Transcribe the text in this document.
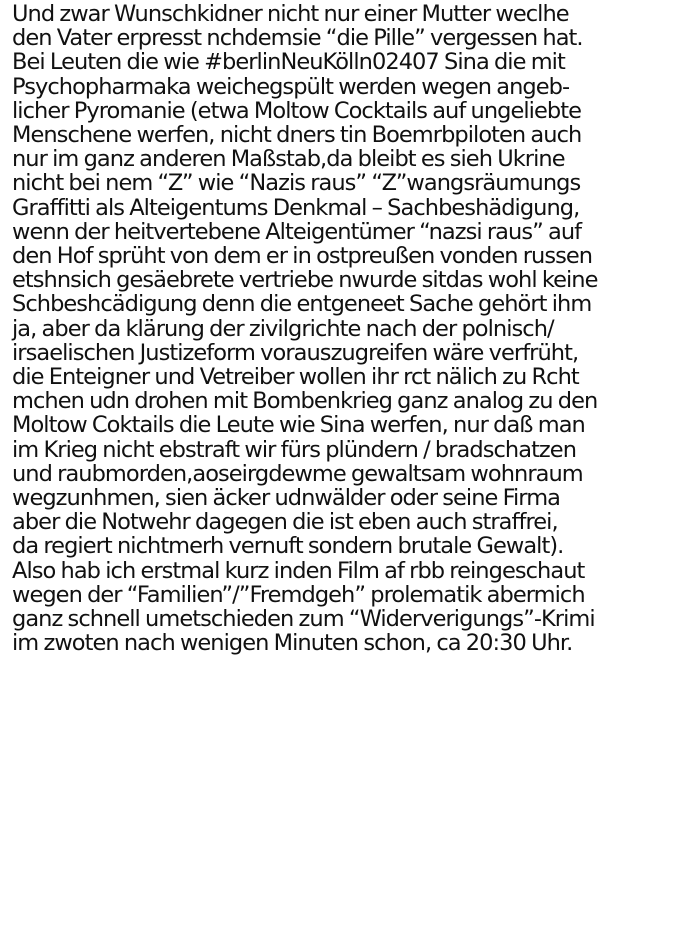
Und zwar Wunschkidner nicht nur einer Mutter weclhe
den Vater erpresst nchdemsie “die Pille” vergessen hat.
Bei Leuten die wie #berlinNeuKölln02407 Sina die mit
Psychopharmaka weichegspült werden wegen angeb-
licher Pyromanie (etwa Moltow Cocktails auf ungeliebte
Menschene werfen, nicht dners tin Boemrbpiloten auch
nur im ganz anderen Maßstab,da bleibt es sieh Ukrine
nicht bei nem “Z” wie “Nazis raus” “Z”wangsräumungs
Graffitti als Alteigentums Denkmal – Sachbeshädigung,
wenn der heitvertebene Alteigentümer “nazsi raus” auf
den Hof sprüht von dem er in ostpreußen vonden russen
etshnsich gesäebrete vertriebe nwurde sitdas wohl keine
Schbeshcädigung denn die entgeneet Sache gehört ihm
ja, aber da klärung der zivilgrichte nach der polnisch/
irsaelischen Justizeform vorauszugreifen wäre verfrüht,
die Enteigner und Vetreiber wollen ihr rct nälich zu Rcht
mchen udn drohen mit Bombenkrieg ganz analog zu den
Moltow Coktails die Leute wie Sina werfen, nur daß man
im Krieg nicht ebstraft wir fürs plündern / bradschatzen
und raubmorden,aoseirgdewme gewaltsam wohnraum
wegzunhmen, sien äcker udnwälder oder seine Firma
aber die Notwehr dagegen die ist eben auch straffrei,
da regiert nichtmerh vernuft sondern brutale Gewalt).
Also hab ich erstmal kurz inden Film af rbb reingeschaut
wegen der “Familien”/”Fremdgeh” prolematik abermich
ganz schnell umetschieden zum “Widerverigungs”-Krimi
im zwoten nach wenigen Minuten schon, ca 20:30 Uhr.
